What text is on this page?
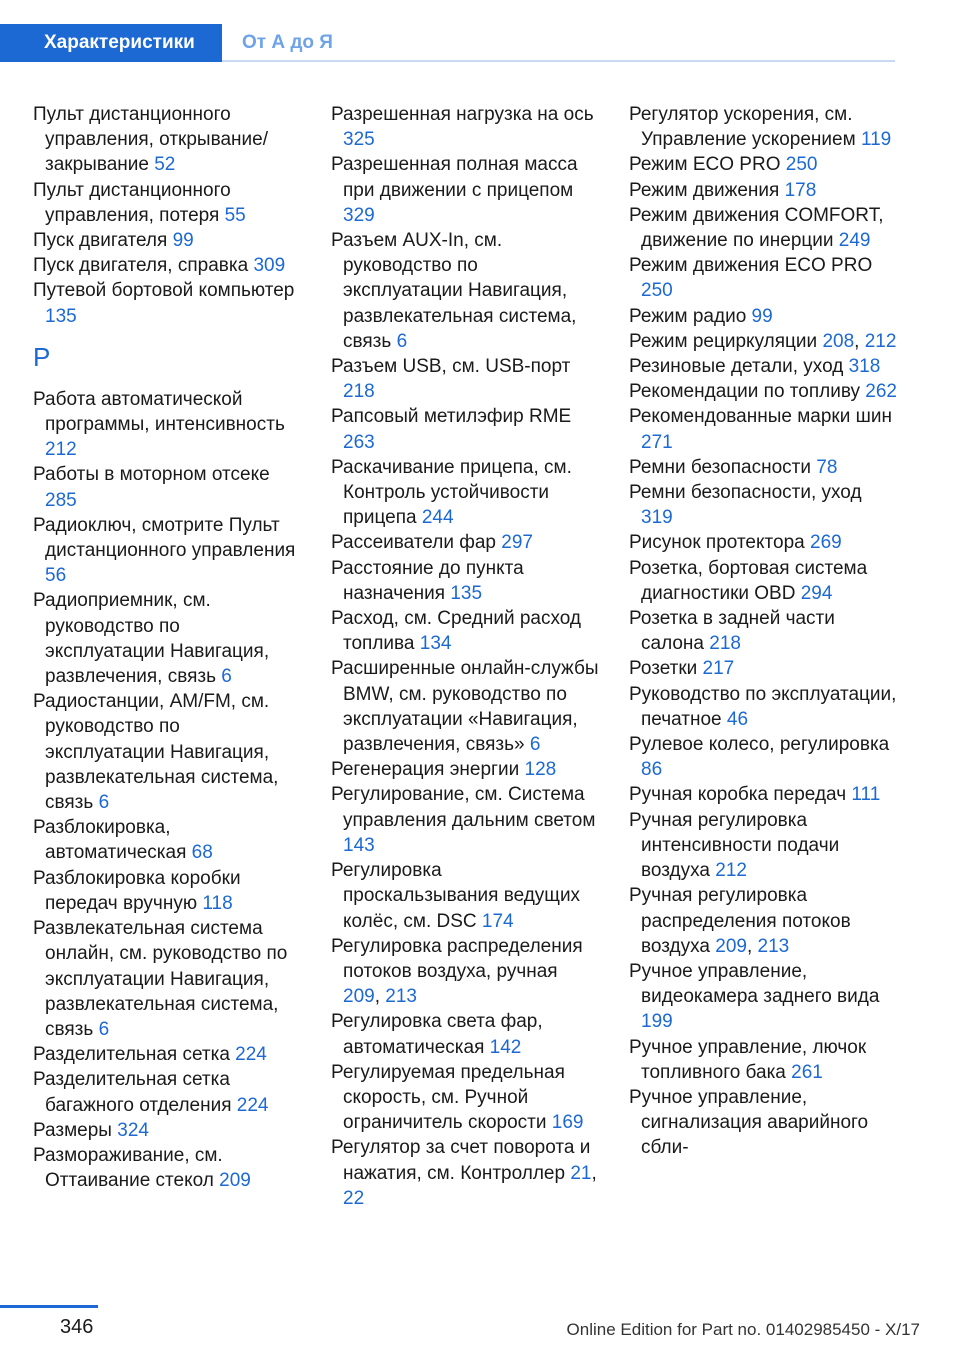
Характеристики	От А до Я
Пульт дистанционного управления, открывание/закрывание 52
Пульт дистанционного управления, потеря 55
Пуск двигателя 99
Пуск двигателя, справка 309
Путевой бортовой компьютер 135
Р
Работа автоматической программы, интенсивность 212
Работы в моторном отсеке 285
Радиоключ, смотрите Пульт дистанционного управления 56
Радиоприемник, см. руководство по эксплуатации Навигация, развлечения, связь 6
Радиостанции, AM/FM, см. руководство по эксплуатации Навигация, развлекательная система, связь 6
Разблокировка, автоматическая 68
Разблокировка коробки передач вручную 118
Развлекательная система онлайн, см. руководство по эксплуатации Навигация, развлекательная система, связь 6
Разделительная сетка 224
Разделительная сетка багажного отделения 224
Размеры 324
Размораживание, см. Оттаивание стекол 209
Разрешенная нагрузка на ось 325
Разрешенная полная масса при движении с прицепом 329
Разъем AUX-In, см. руководство по эксплуатации Навигация, развлекательная система, связь 6
Разъем USB, см. USB-порт 218
Рапсовый метилэфир RME 263
Раскачивание прицепа, см. Контроль устойчивости прицепа 244
Рассеиватели фар 297
Расстояние до пункта назначения 135
Расход, см. Средний расход топлива 134
Расширенные онлайн-службы BMW, см. руководство по эксплуатации «Навигация, развлечения, связь» 6
Регенерация энергии 128
Регулирование, см. Система управления дальним светом 143
Регулировка проскальзывания ведущих колёс, см. DSC 174
Регулировка распределения потоков воздуха, ручная 209, 213
Регулировка света фар, автоматическая 142
Регулируемая предельная скорость, см. Ручной ограничитель скорости 169
Регулятор за счет поворота и нажатия, см. Контроллер 21, 22
Регулятор ускорения, см. Управление ускорением 119
Режим ECO PRO 250
Режим движения 178
Режим движения COMFORT, движение по инерции 249
Режим движения ECO PRO 250
Режим радио 99
Режим рециркуляции 208, 212
Резиновые детали, уход 318
Рекомендации по топливу 262
Рекомендованные марки шин 271
Ремни безопасности 78
Ремни безопасности, уход 319
Рисунок протектора 269
Розетка, бортовая система диагностики OBD 294
Розетка в задней части салона 218
Розетки 217
Руководство по эксплуатации, печатное 46
Рулевое колесо, регулировка 86
Ручная коробка передач 111
Ручная регулировка интенсивности подачи воздуха 212
Ручная регулировка распределения потоков воздуха 209, 213
Ручное управление, видеокамера заднего вида 199
Ручное управление, лючок топливного бака 261
Ручное управление, сигнализация аварийного сбли-
346	Online Edition for Part no. 01402985450 - X/17
